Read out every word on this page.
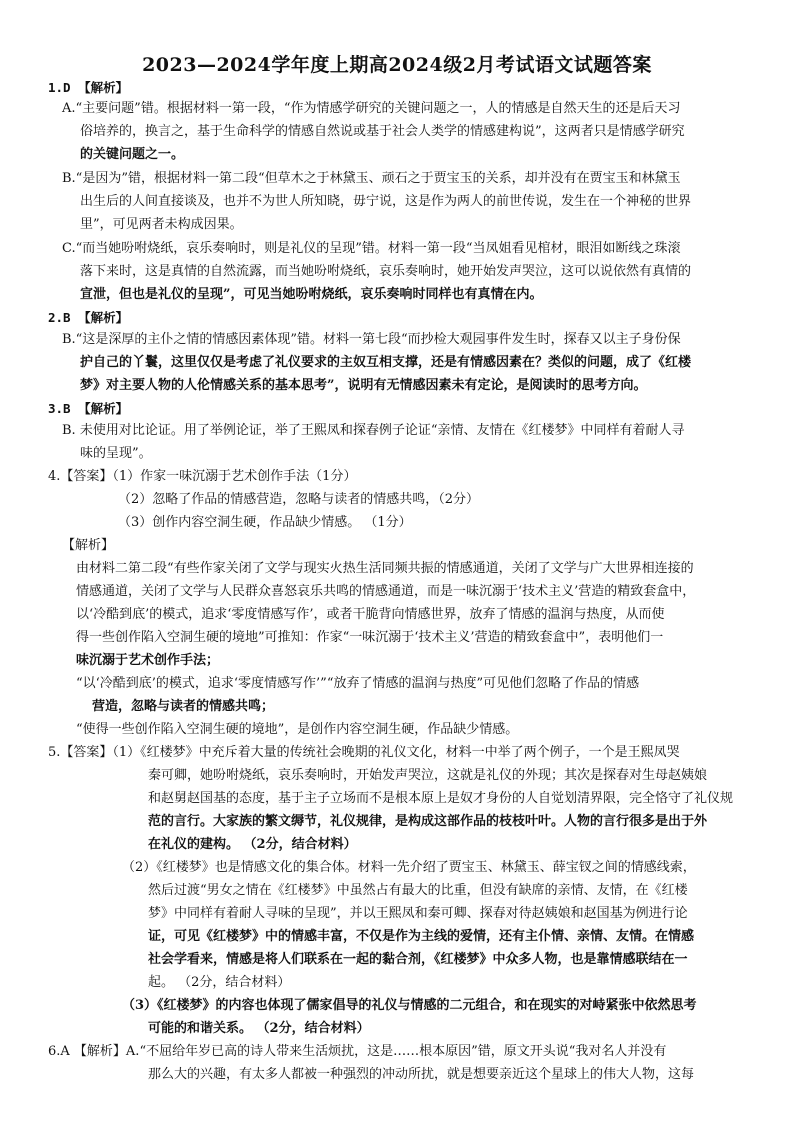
2023—2024学年度上期高2024级2月考试语文试题答案
1.D 【解析】
A.“主要问题”错。根据材料一第一段，“作为情感学研究的关键问题之一，人的情感是自然天生的还是后天习
俗培养的，换言之，基于生命科学的情感自然说或基于社会人类学的情感建构说”，这两者只是情感学研究
的关键问题之一。
B.“是因为”错，根据材料一第二段“但草木之于林黛玉、顽石之于贾宝玉的关系，却并没有在贾宝玉和林黛玉
出生后的人间直接谈及，也并不为世人所知晓，毋宁说，这是作为两人的前世传说，发生在一个神秘的世界
里”，可见两者未构成因果。
C.“而当她吩咐烧纸，哀乐奏响时，则是礼仪的呈现”错。材料一第一段“当凤姐看见棺材，眼泪如断线之珠滚
落下来时，这是真情的自然流露，而当她吩咐烧纸，哀乐奏响时，她开始发声哭泣，这可以说依然有真情的
宣泄，但也是礼仪的呈现”，可见当她吩咐烧纸，哀乐奏响时同样也有真情在内。
2.B 【解析】
B.“这是深厚的主仆之情的情感因素体现”错。材料一第七段“而抄检大观园事件发生时，探春又以主子身份保
护自己的丫鬟，这里仅仅是考虑了礼仪要求的主奴互相支撑，还是有情感因素在？类似的问题，成了《红楼
梦》对主要人物的人伦情感关系的基本思考”，说明有无情感因素未有定论，是阅读时的思考方向。
3.B 【解析】
B. 未使用对比论证。用了举例论证，举了王熙凤和探春例子论证“亲情、友情在《红楼梦》中同样有着耐人寻
味的呈现”。
4.【答案】（1）作家一味沉溺于艺术创作手法（1分）
（2）忽略了作品的情感营造，忽略与读者的情感共鸣，（2分）
（3）创作内容空洞生硬，作品缺少情感。 （1分）
【解析】
由材料二第二段“有些作家关闭了文学与现实火热生活同频共振的情感通道，关闭了文学与广大世界相连接的
情感通道，关闭了文学与人民群众喜怒哀乐共鸣的情感通道，而是一味沉溺于‘技术主义’营造的精致套盒中，
以‘冷酷到底’的模式，追求‘零度情感写作’，或者干脆背向情感世界，放弃了情感的温润与热度，从而使
得一些创作陷入空洞生硬的境地”可推知：作家“一味沉溺于‘技术主义’营造的精致套盒中”，表明他们一
味沉溺于艺术创作手法；
“以‘冷酷到底’的模式，追求‘零度情感写作’”“放弃了情感的温润与热度”可见他们忽略了作品的情感
营造，忽略与读者的情感共鸣；
“使得一些创作陷入空洞生硬的境地”，是创作内容空洞生硬，作品缺少情感。
5.【答案】（1）《红楼梦》中充斥着大量的传统社会晚期的礼仪文化，材料一中举了两个例子，一个是王熙凤哭
秦可卿，她吩咐烧纸，哀乐奏响时，开始发声哭泣，这就是礼仪的外现；其次是探春对生母赵姨娘
和赵舅赵国基的态度，基于主子立场而不是根本原上是奴才身份的人自觉划清界限，完全恪守了礼仪规
范的言行。大家族的繁文缛节，礼仪规律，是构成这部作品的枝枝叶叶。人物的言行很多是出于外
在礼仪的建构。 （2分，结合材料）
（2）《红楼梦》也是情感文化的集合体。材料一先介绍了贾宝玉、林黛玉、薛宝钗之间的情感线索，
然后过渡“男女之情在《红楼梦》中虽然占有最大的比重，但没有缺席的亲情、友情，在《红楼
梦》中同样有着耐人寻味的呈现”，并以王熙凤和秦可卿、探春对待赵姨娘和赵国基为例进行论
证，可见《红楼梦》中的情感丰富，不仅是作为主线的爱情，还有主仆情、亲情、友情。在情感
社会学看来，情感是将人们联系在一起的黏合剂，《红楼梦》中众多人物，也是靠情感联结在一
起。 （2分，结合材料）
（3）《红楼梦》的内容也体现了儒家倡导的礼仪与情感的二元组合，和在现实的对峙紧张中依然思考
可能的和谐关系。 （2分，结合材料）
6.A 【解析】A.“不屈给年岁已高的诗人带来生活烦扰，这是……根本原因”错，原文开头说“我对名人并没有
那么大的兴趣，有太多人都被一种强烈的冲动所扰，就是想要亲近这个星球上的伟大人物，这每
